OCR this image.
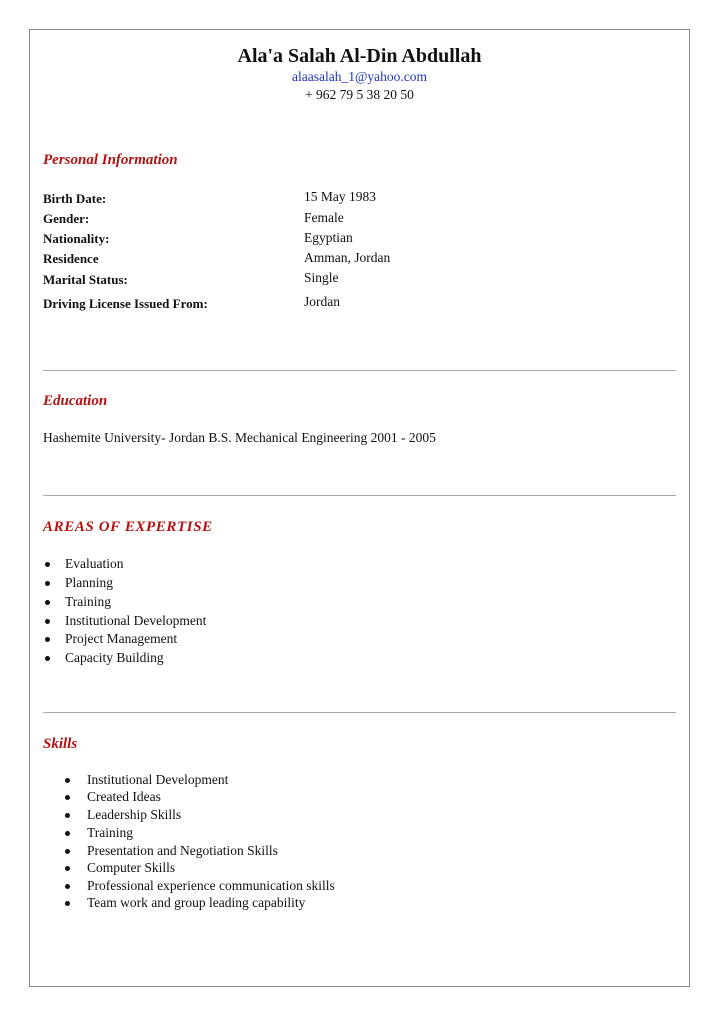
Ala'a Salah Al-Din Abdullah
alaasalah_1@yahoo.com
+ 962 79 5 38 20 50
Personal Information
Birth Date:	15 May 1983
Gender:	Female
Nationality:	Egyptian
Residence	Amman, Jordan
Marital Status:	Single
Driving License Issued From:	Jordan
Education
Hashemite University- Jordan B.S. Mechanical Engineering 2001 - 2005
AREAS OF EXPERTISE
Evaluation
Planning
Training
Institutional Development
Project Management
Capacity Building
Skills
Institutional Development
Created Ideas
Leadership Skills
Training
Presentation and Negotiation Skills
Computer Skills
Professional experience communication skills
Team work and group leading capability
